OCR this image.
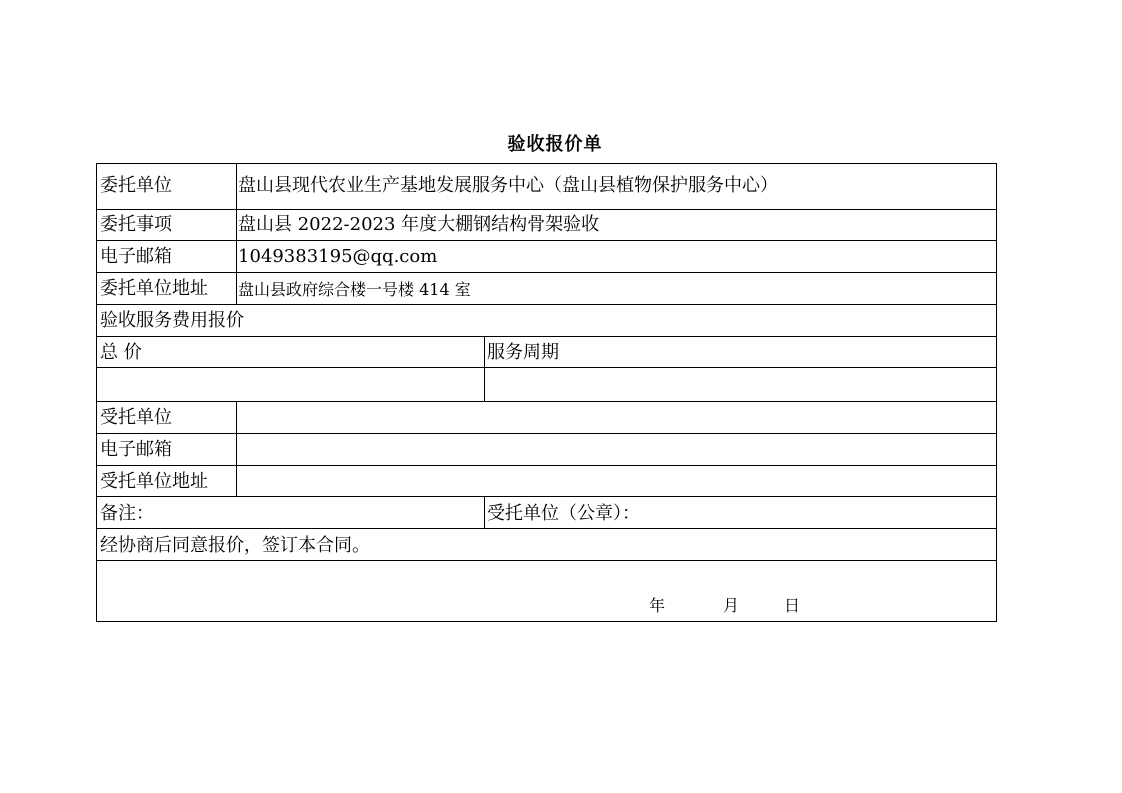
验收报价单
委托单位	盘山县现代农业生产基地发展服务中心（盘山县植物保护服务中心）
委托事项	盘山县 2022-2023 年度大棚钢结构骨架验收
电子邮箱	1049383195@qq.com
委托单位地址 盘山县政府综合楼一号楼 414 室
验收服务费用报价
总 价	服务周期
受托单位
电子邮箱
受托单位地址
备注：	受托单位（公章）：
经协商后同意报价，签订本合同。
年	月	日
